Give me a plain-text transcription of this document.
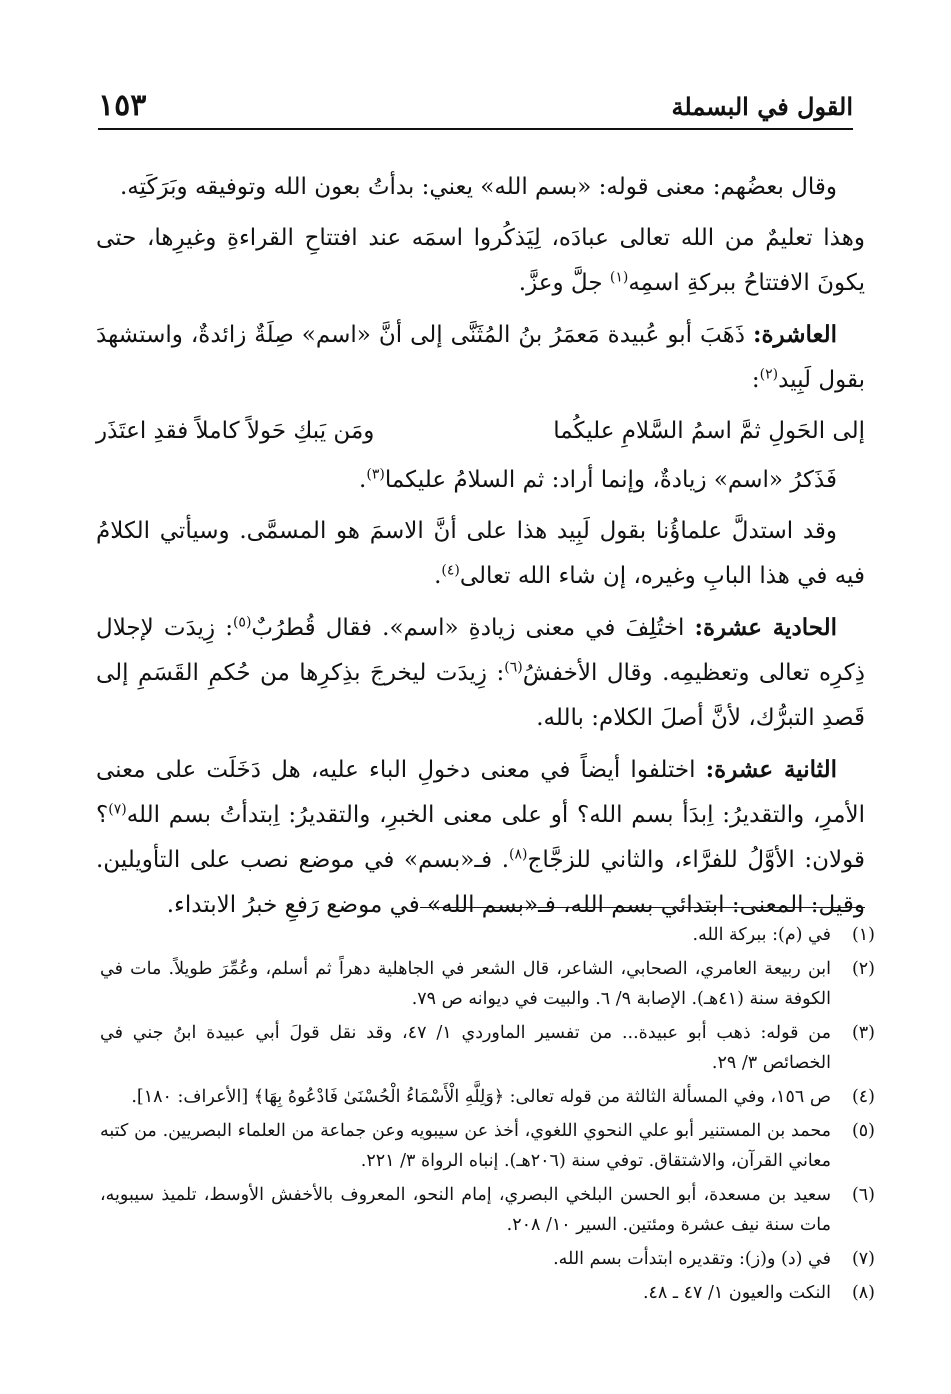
القول في البسملة
١٥٣

وقال بعضُهم: معنى قوله: «بسم الله» يعني: بدأتُ بعون الله وتوفيقه وبَرَكَتِه.

وهذا تعليمٌ من الله تعالى عبادَه، لِيَذكُروا اسمَه عند افتتاحِ القراءةِ وغيرِها، حتى يكونَ الافتتاحُ ببركةِ اسمِه$^{(١)}$ جلَّ وعزَّ.

العاشرة: ذَهَبَ أبو عُبيدة مَعمَرُ بنُ المُثَنَّى إلى أنَّ «اسم» صِلَةٌ زائدةٌ، واستشهدَ بقول لَبِيد$^{(٢)}$:

إلى الحَولِ ثمَّ اسمُ السَّلامِ عليكُما
ومَن يَبكِ حَولاً كاملاً فقدِ اعتَذَر

فَذَكرُ «اسم» زيادةٌ، وإنما أراد: ثم السلامُ عليكما$^{(٣)}$.

وقد استدلَّ علماؤُنا بقول لَبِيد هذا على أنَّ الاسمَ هو المسمَّى. وسيأتي الكلامُ فيه في هذا البابِ وغيره، إن شاء الله تعالى$^{(٤)}$.

الحادية عشرة: اختُلِفَ في معنى زيادةِ «اسم». فقال قُطرُبٌ$^{(٥)}$: زِيدَت لإجلال ذِكرِه تعالى وتعظيمِه. وقال الأخفشُ$^{(٦)}$: زِيدَت ليخرجَ بذِكرِها من حُكمِ القَسَمِ إلى قَصدِ التبرُّك، لأنَّ أصلَ الكلام: بالله.

الثانية عشرة: اختلفوا أيضاً في معنى دخولِ الباء عليه، هل دَخَلَت على معنى الأمرِ، والتقديرُ: اِبدَأ بسم الله؟ أو على معنى الخبرِ، والتقديرُ: اِبتدأتُ بسم الله$^{(٧)}$؟ قولان: الأوَّلُ للفرَّاء، والثاني للزجَّاج$^{(٨)}$. فـ«بسم» في موضع نصب على التأويلين. وقيل: المعنى: ابتدائي بسم الله، فـ«بسم الله» في موضع رَفعِ خبرُ الابتداء.

(١)
في (م): ببركة الله.
(٢)
ابن ربيعة العامري، الصحابي، الشاعر، قال الشعر في الجاهلية دهراً ثم أسلم، وعُمِّرَ طويلاً. مات في الكوفة سنة (٤١هـ). الإصابة ٩/ ٦. والبيت في ديوانه ص ٧٩.
(٣)
من قوله: ذهب أبو عبيدة... من تفسير الماوردي ١/ ٤٧، وقد نقل قولَ أبي عبيدة ابنُ جني في الخصائص ٣/ ٢٩.
(٤)
ص ١٥٦، وفي المسألة الثالثة من قوله تعالى: ﴿وَلِلَّهِ الْأَسْمَاءُ الْحُسْنَىٰ فَادْعُوهُ بِهَا﴾ [الأعراف: ١٨٠].
(٥)
محمد بن المستنير أبو علي النحوي اللغوي، أخذ عن سيبويه وعن جماعة من العلماء البصريين. من كتبه معاني القرآن، والاشتقاق. توفي سنة (٢٠٦هـ). إنباه الرواة ٣/ ٢٢١.
(٦)
سعيد بن مسعدة، أبو الحسن البلخي البصري، إمام النحو، المعروف بالأخفش الأوسط، تلميذ سيبويه، مات سنة نيف عشرة ومئتين. السير ١٠/ ٢٠٨.
(٧)
في (د) و(ز): وتقديره ابتدأت بسم الله.
(٨)
النكت والعيون ١/ ٤٧ ـ ٤٨.
